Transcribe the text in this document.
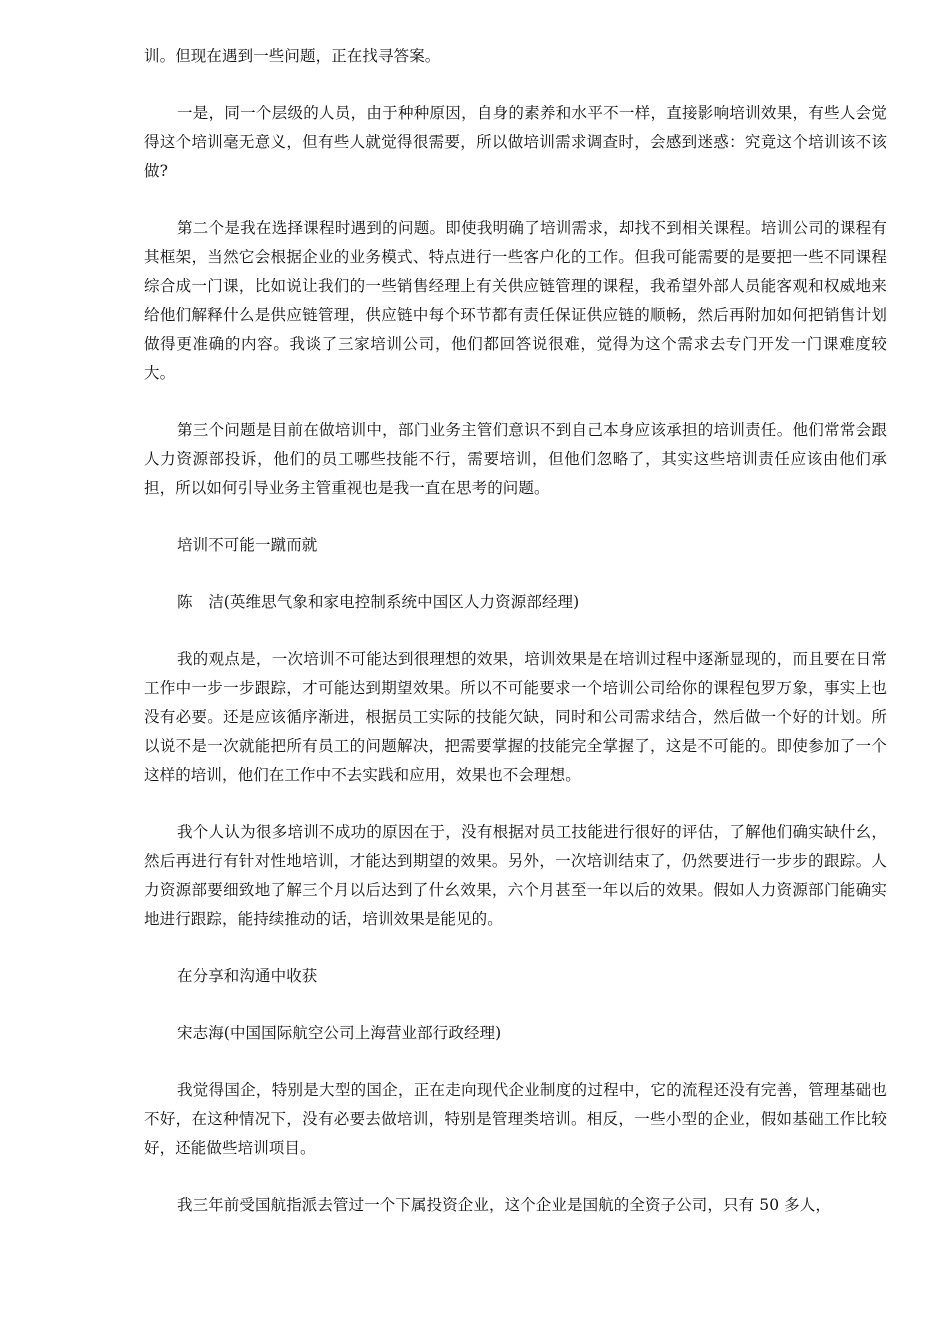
训。但现在遇到一些问题，正在找寻答案。

一是，同一个层级的人员，由于种种原因，自身的素养和水平不一样，直接影响培训效果，有些人会觉得这个培训毫无意义，但有些人就觉得很需要，所以做培训需求调查时，会感到迷惑：究竟这个培训该不该做?

第二个是我在选择课程时遇到的问题。即使我明确了培训需求，却找不到相关课程。培训公司的课程有其框架，当然它会根据企业的业务模式、特点进行一些客户化的工作。但我可能需要的是要把一些不同课程综合成一门课，比如说让我们的一些销售经理上有关供应链管理的课程，我希望外部人员能客观和权威地来给他们解释什么是供应链管理，供应链中每个环节都有责任保证供应链的顺畅，然后再附加如何把销售计划做得更准确的内容。我谈了三家培训公司，他们都回答说很难，觉得为这个需求去专门开发一门课难度较大。

第三个问题是目前在做培训中，部门业务主管们意识不到自己本身应该承担的培训责任。他们常常会跟人力资源部投诉，他们的员工哪些技能不行，需要培训，但他们忽略了，其实这些培训责任应该由他们承担，所以如何引导业务主管重视也是我一直在思考的问题。

培训不可能一蹴而就

陈　洁(英维思气象和家电控制系统中国区人力资源部经理)

我的观点是，一次培训不可能达到很理想的效果，培训效果是在培训过程中逐渐显现的，而且要在日常工作中一步一步跟踪，才可能达到期望效果。所以不可能要求一个培训公司给你的课程包罗万象，事实上也没有必要。还是应该循序渐进，根据员工实际的技能欠缺，同时和公司需求结合，然后做一个好的计划。所以说不是一次就能把所有员工的问题解决，把需要掌握的技能完全掌握了，这是不可能的。即使参加了一个这样的培训，他们在工作中不去实践和应用，效果也不会理想。

我个人认为很多培训不成功的原因在于，没有根据对员工技能进行很好的评估，了解他们确实缺什幺，然后再进行有针对性地培训，才能达到期望的效果。另外，一次培训结束了，仍然要进行一步步的跟踪。人力资源部要细致地了解三个月以后达到了什幺效果，六个月甚至一年以后的效果。假如人力资源部门能确实地进行跟踪，能持续推动的话，培训效果是能见的。

在分享和沟通中收获

宋志海(中国国际航空公司上海营业部行政经理)

我觉得国企，特别是大型的国企，正在走向现代企业制度的过程中，它的流程还没有完善，管理基础也不好，在这种情况下，没有必要去做培训，特别是管理类培训。相反，一些小型的企业，假如基础工作比较好，还能做些培训项目。

我三年前受国航指派去管过一个下属投资企业，这个企业是国航的全资子公司，只有 50 多人，
